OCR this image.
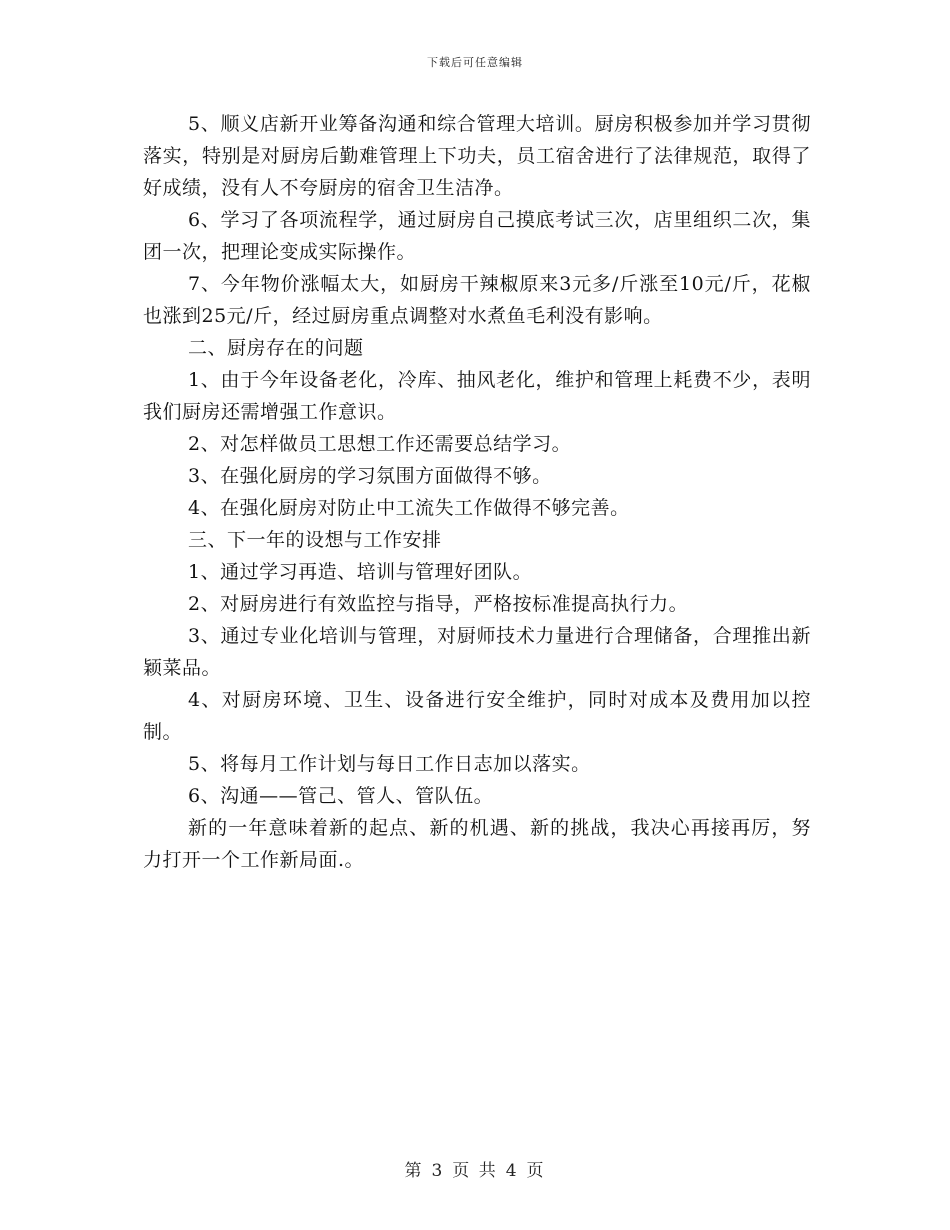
下载后可任意编辑

5、顺义店新开业筹备沟通和综合管理大培训。厨房积极参加并学习贯彻落实，特别是对厨房后勤难管理上下功夫，员工宿舍进行了法律规范，取得了好成绩，没有人不夸厨房的宿舍卫生洁净。

6、学习了各项流程学，通过厨房自己摸底考试三次，店里组织二次，集团一次，把理论变成实际操作。

7、今年物价涨幅太大，如厨房干辣椒原来3元多/斤涨至10元/斤，花椒也涨到25元/斤，经过厨房重点调整对水煮鱼毛利没有影响。

二、厨房存在的问题

1、由于今年设备老化，冷库、抽风老化，维护和管理上耗费不少，表明我们厨房还需增强工作意识。

2、对怎样做员工思想工作还需要总结学习。

3、在强化厨房的学习氛围方面做得不够。

4、在强化厨房对防止中工流失工作做得不够完善。

三、下一年的设想与工作安排

1、通过学习再造、培训与管理好团队。

2、对厨房进行有效监控与指导，严格按标准提高执行力。

3、通过专业化培训与管理，对厨师技术力量进行合理储备，合理推出新颖菜品。

4、对厨房环境、卫生、设备进行安全维护，同时对成本及费用加以控制。

5、将每月工作计划与每日工作日志加以落实。

6、沟通——管己、管人、管队伍。

新的一年意味着新的起点、新的机遇、新的挑战，我决心再接再厉，努力打开一个工作新局面.。

第 3 页 共 4 页
